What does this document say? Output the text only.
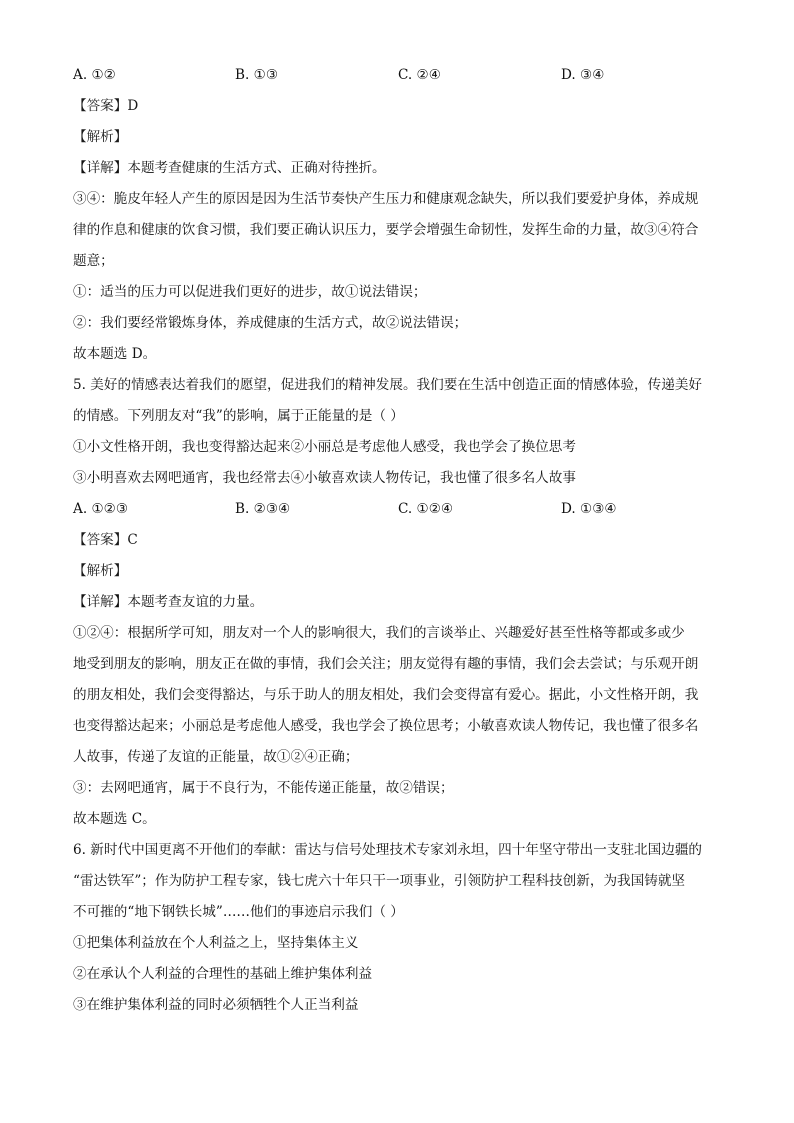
A. ①②	B. ①③	C. ②④	D. ③④
【答案】D
【解析】
【详解】本题考查健康的生活方式、正确对待挫折。
③④：脆皮年轻人产生的原因是因为生活节奏快产生压力和健康观念缺失，所以我们要爱护身体，养成规
律的作息和健康的饮食习惯，我们要正确认识压力，要学会增强生命韧性，发挥生命的力量，故③④符合
题意；
①：适当的压力可以促进我们更好的进步，故①说法错误；
②：我们要经常锻炼身体，养成健康的生活方式，故②说法错误；
故本题选 D。
5. 美好的情感表达着我们的愿望，促进我们的精神发展。我们要在生活中创造正面的情感体验，传递美好
的情感。下列朋友对“我”的影响，属于正能量的是（ ）
①小文性格开朗，我也变得豁达起来②小丽总是考虑他人感受，我也学会了换位思考
③小明喜欢去网吧通宵，我也经常去④小敏喜欢读人物传记，我也懂了很多名人故事
A. ①②③	B. ②③④	C. ①②④	D. ①③④
【答案】C
【解析】
【详解】本题考查友谊的力量。
①②④：根据所学可知，朋友对一个人的影响很大，我们的言谈举止、兴趣爱好甚至性格等都或多或少
地受到朋友的影响，朋友正在做的事情，我们会关注；朋友觉得有趣的事情，我们会去尝试；与乐观开朗
的朋友相处，我们会变得豁达，与乐于助人的朋友相处，我们会变得富有爱心。据此，小文性格开朗，我
也变得豁达起来；小丽总是考虑他人感受，我也学会了换位思考；小敏喜欢读人物传记，我也懂了很多名
人故事，传递了友谊的正能量，故①②④正确；
③：去网吧通宵，属于不良行为，不能传递正能量，故②错误；
故本题选 C。
6. 新时代中国更离不开他们的奉献：雷达与信号处理技术专家刘永坦，四十年坚守带出一支驻北国边疆的
“雷达铁军”；作为防护工程专家，钱七虎六十年只干一项事业，引领防护工程科技创新，为我国铸就坚
不可摧的“地下钢铁长城”……他们的事迹启示我们（ ）
①把集体利益放在个人利益之上，坚持集体主义
②在承认个人利益的合理性的基础上维护集体利益
③在维护集体利益的同时必须牺牲个人正当利益
